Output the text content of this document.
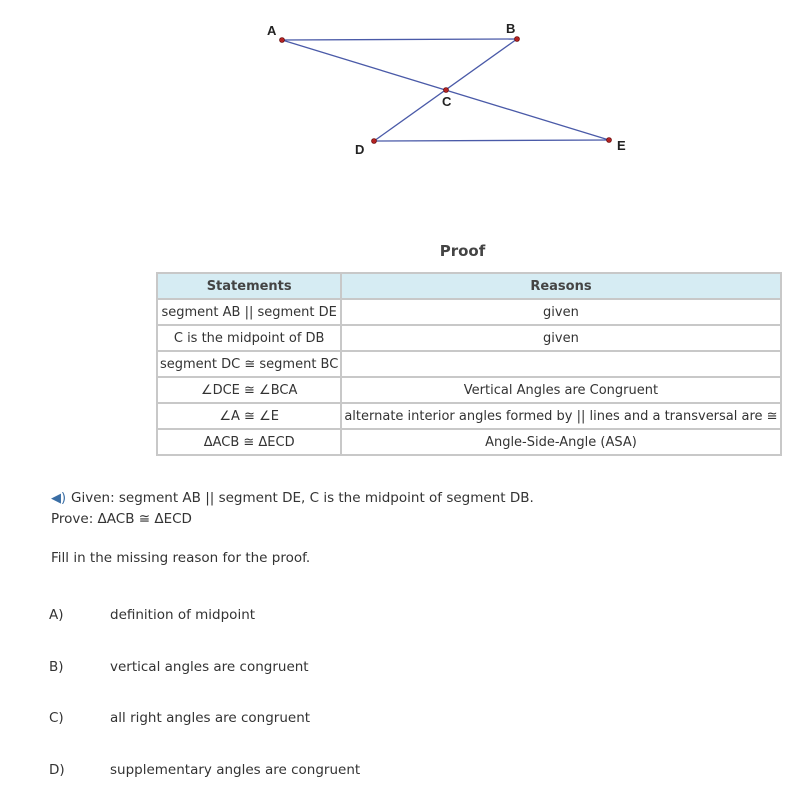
A	B
C
D	E
Proof
Statements	Reasons
segment AB || segment DE	given
C is the midpoint of DB	given
segment DC ≅ segment BC	
∠DCE ≅ ∠BCA	Vertical Angles are Congruent
∠A ≅ ∠E	alternate interior angles formed by || lines and a transversal are ≅
ΔACB ≅ ΔECD	Angle-Side-Angle (ASA)
◀) Given: segment AB || segment DE, C is the midpoint of segment DB.
Prove: ΔACB ≅ ΔECD
Fill in the missing reason for the proof.
A)	definition of midpoint
B)	vertical angles are congruent
C)	all right angles are congruent
D)	supplementary angles are congruent
